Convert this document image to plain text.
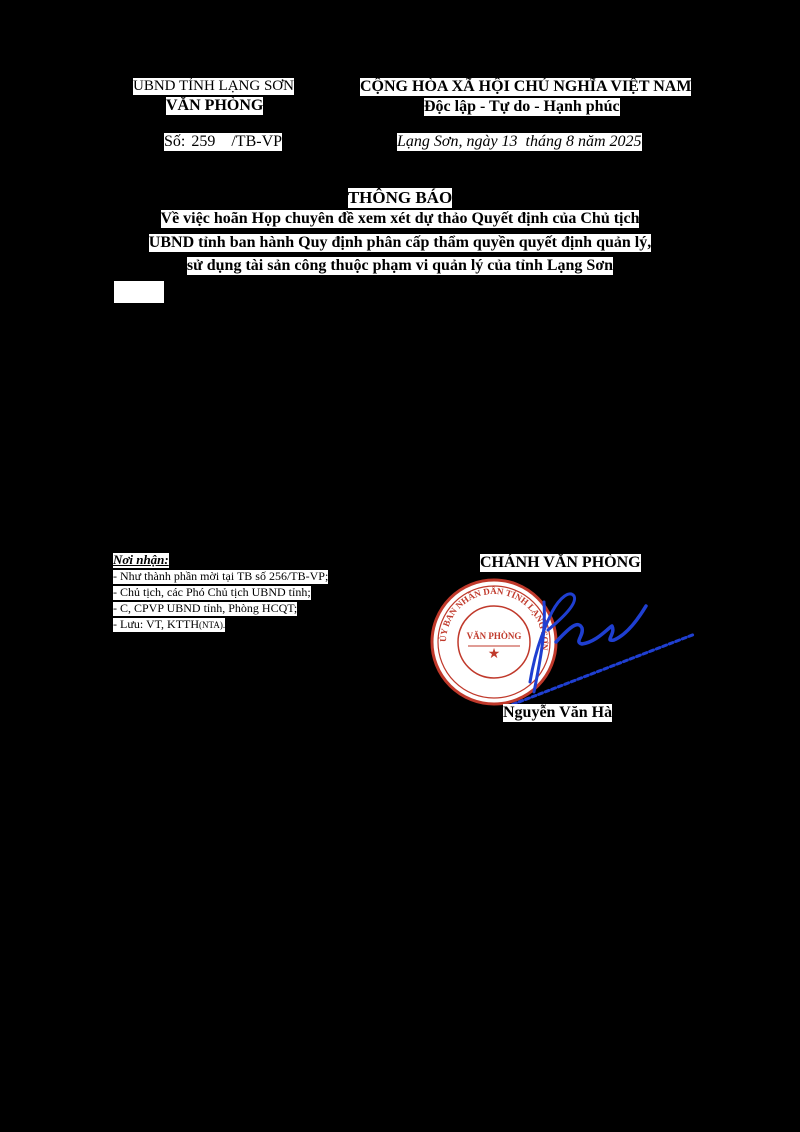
UBND TỈNH LẠNG SƠN
VĂN PHÒNG
Số: 259 /TB-VP
CỘNG HÒA XÃ HỘI CHỦ NGHĨA VIỆT NAM
Độc lập - Tự do - Hạnh phúc
Lạng Sơn, ngày 13  tháng 8 năm 2025
THÔNG BÁO
Về việc hoãn Họp chuyên đề xem xét dự thảo Quyết định của Chủ tịch
UBND tỉnh ban hành Quy định phân cấp thẩm quyền quyết định quản lý,
sử dụng tài sản công thuộc phạm vi quản lý của tỉnh Lạng Sơn
Nơi nhận:
- Như thành phần mời tại TB số 256/TB-VP;
- Chủ tịch, các Phó Chủ tịch UBND tỉnh;
- C, CPVP UBND tỉnh, Phòng HCQT;
- Lưu: VT, KTTH(NTA).
CHÁNH VĂN PHÒNG
ỦY BAN NHÂN DÂN TỈNH LẠNG SƠN
VĂN PHÒNG
★
Nguyễn Văn Hà
